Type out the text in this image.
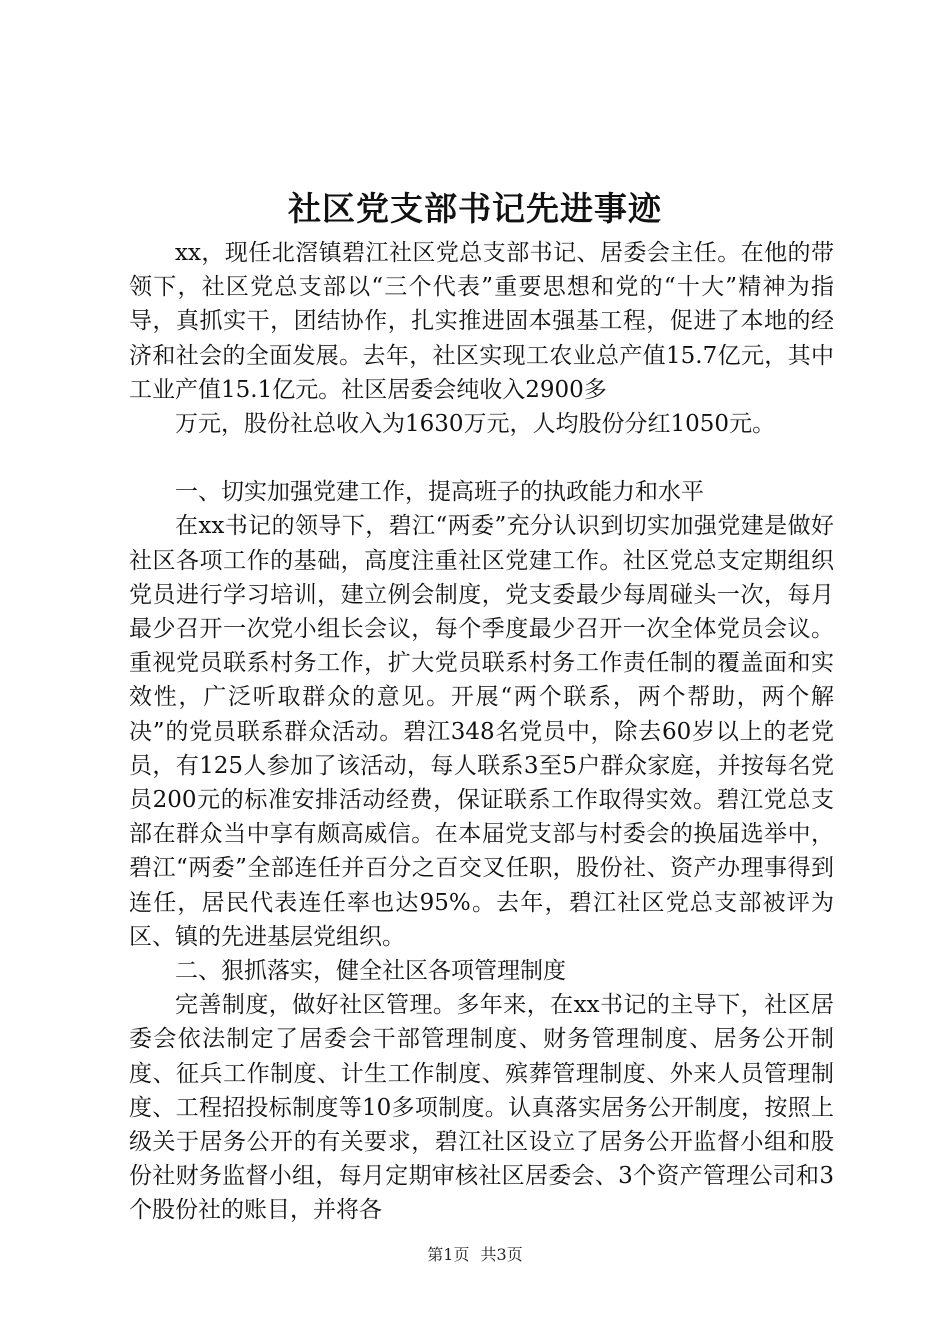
社区党支部书记先进事迹

xx，现任北滘镇碧江社区党总支部书记、居委会主任。在他的带领下，社区党总支部以“三个代表”重要思想和党的“十大”精神为指导，真抓实干，团结协作，扎实推进固本强基工程，促进了本地的经济和社会的全面发展。去年，社区实现工农业总产值15.7亿元，其中工业产值15.1亿元。社区居委会纯收入2900多

万元，股份社总收入为1630万元，人均股份分红1050元。

一、切实加强党建工作，提高班子的执政能力和水平

在xx书记的领导下，碧江“两委”充分认识到切实加强党建是做好社区各项工作的基础，高度注重社区党建工作。社区党总支定期组织党员进行学习培训，建立例会制度，党支委最少每周碰头一次，每月最少召开一次党小组长会议，每个季度最少召开一次全体党员会议。重视党员联系村务工作，扩大党员联系村务工作责任制的覆盖面和实效性，广泛听取群众的意见。开展“两个联系，两个帮助，两个解决”的党员联系群众活动。碧江348名党员中，除去60岁以上的老党员，有125人参加了该活动，每人联系3至5户群众家庭，并按每名党员200元的标准安排活动经费，保证联系工作取得实效。碧江党总支部在群众当中享有颇高威信。在本届党支部与村委会的换届选举中，碧江“两委”全部连任并百分之百交叉任职，股份社、资产办理事得到连任，居民代表连任率也达95%。去年，碧江社区党总支部被评为区、镇的先进基层党组织。

二、狠抓落实，健全社区各项管理制度

完善制度，做好社区管理。多年来，在xx书记的主导下，社区居委会依法制定了居委会干部管理制度、财务管理制度、居务公开制度、征兵工作制度、计生工作制度、殡葬管理制度、外来人员管理制度、工程招投标制度等10多项制度。认真落实居务公开制度，按照上级关于居务公开的有关要求，碧江社区设立了居务公开监督小组和股份社财务监督小组，每月定期审核社区居委会、3个资产管理公司和3个股份社的账目，并将各

第1页 共3页
